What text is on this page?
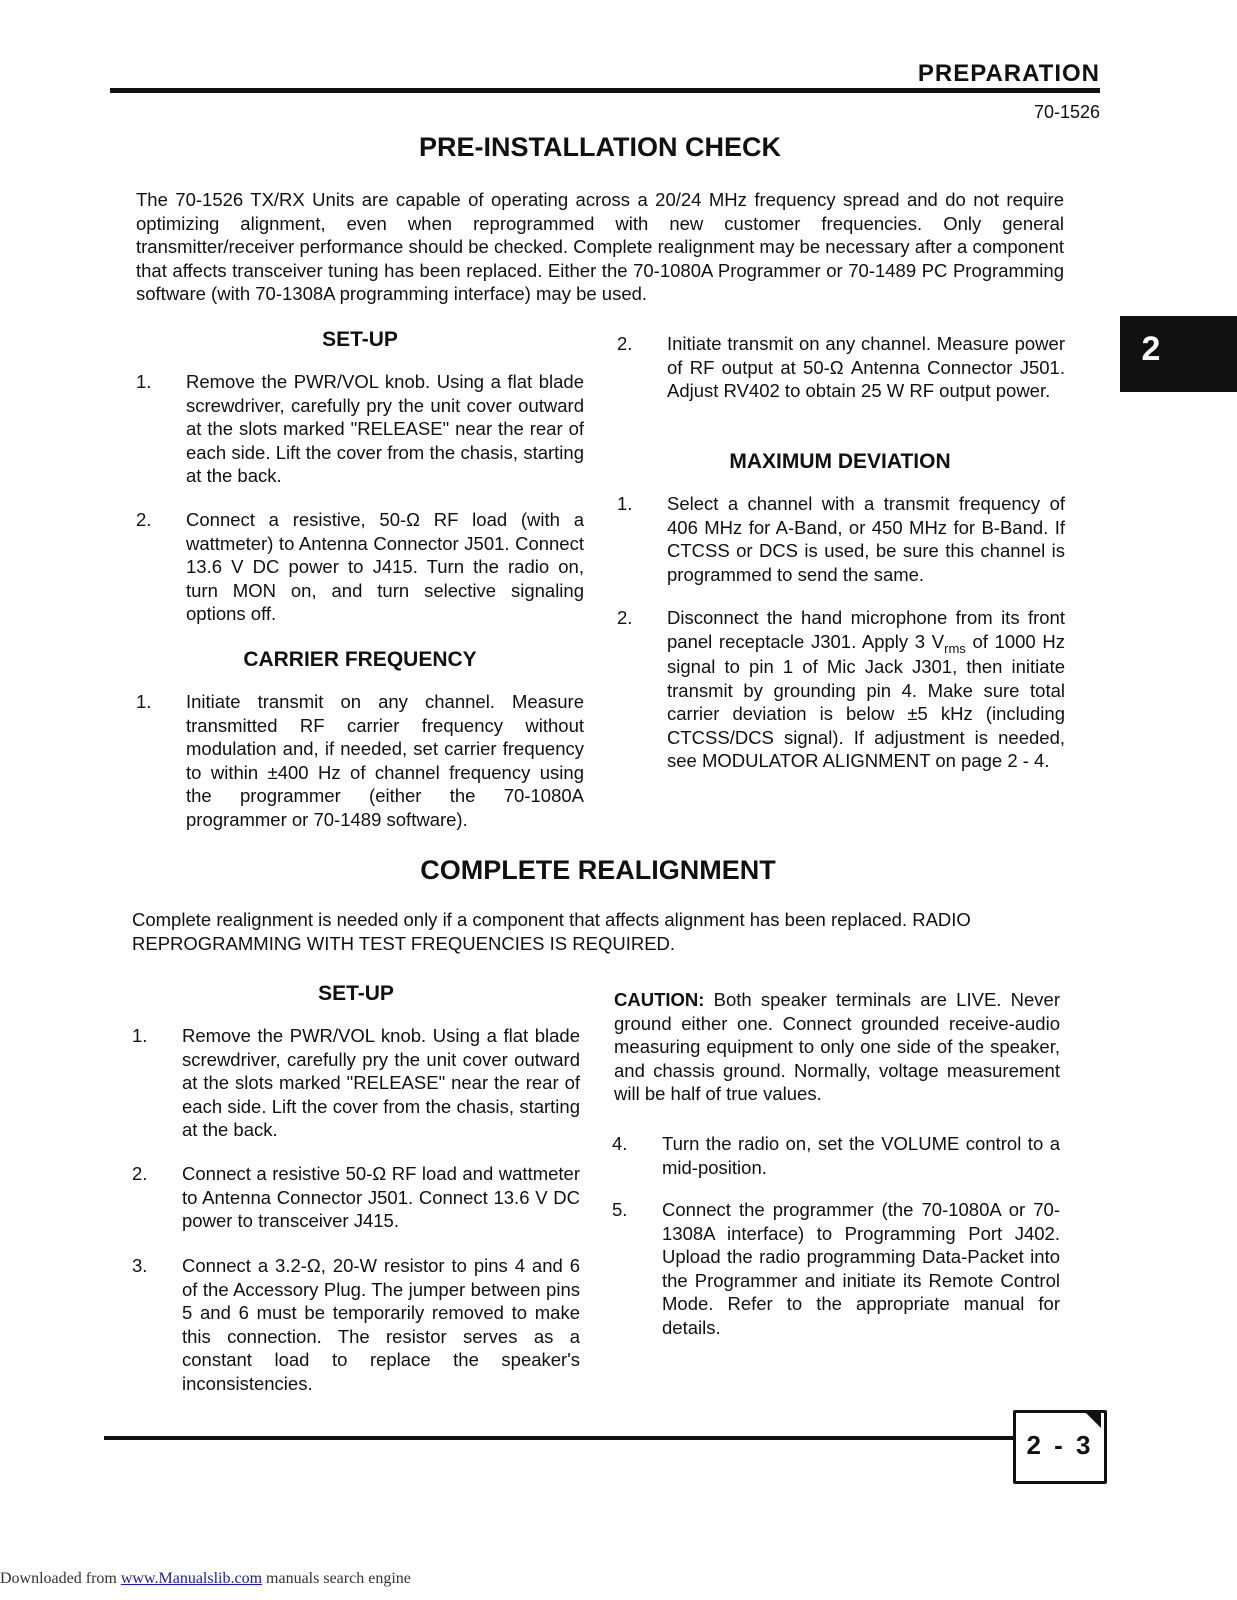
PREPARATION
70-1526
2
PRE-INSTALLATION CHECK
The 70-1526 TX/RX Units are capable of operating across a 20/24 MHz frequency spread and do not require optimizing alignment, even when reprogrammed with new customer frequencies. Only general transmitter/receiver performance should be checked. Complete realignment may be necessary after a component that affects transceiver tuning has been replaced. Either the 70-1080A Programmer or 70-1489 PC Programming software (with 70-1308A programming interface) may be used.
SET-UP
1. Remove the PWR/VOL knob. Using a flat blade screwdriver, carefully pry the unit cover outward at the slots marked "RELEASE" near the rear of each side. Lift the cover from the chasis, starting at the back.
2. Connect a resistive, 50-Ω RF load (with a wattmeter) to Antenna Connector J501. Connect 13.6 V DC power to J415. Turn the radio on, turn MON on, and turn selective signaling options off.
CARRIER FREQUENCY
1. Initiate transmit on any channel. Measure transmitted RF carrier frequency without modulation and, if needed, set carrier frequency to within ±400 Hz of channel frequency using the programmer (either the 70-1080A programmer or 70-1489 software).
2. Initiate transmit on any channel. Measure power of RF output at 50-Ω Antenna Connector J501. Adjust RV402 to obtain 25 W RF output power.
MAXIMUM DEVIATION
1. Select a channel with a transmit frequency of 406 MHz for A-Band, or 450 MHz for B-Band. If CTCSS or DCS is used, be sure this channel is programmed to send the same.
2. Disconnect the hand microphone from its front panel receptacle J301. Apply 3 $V_{rms}$ of 1000 Hz signal to pin 1 of Mic Jack J301, then initiate transmit by grounding pin 4. Make sure total carrier deviation is below ±5 kHz (including CTCSS/DCS signal). If adjustment is needed, see MODULATOR ALIGNMENT on page 2 - 4.
COMPLETE REALIGNMENT
Complete realignment is needed only if a component that affects alignment has been replaced. RADIO REPROGRAMMING WITH TEST FREQUENCIES IS REQUIRED.
SET-UP
1. Remove the PWR/VOL knob. Using a flat blade screwdriver, carefully pry the unit cover outward at the slots marked "RELEASE" near the rear of each side. Lift the cover from the chasis, starting at the back.
2. Connect a resistive 50-Ω RF load and wattmeter to Antenna Connector J501. Connect 13.6 V DC power to transceiver J415.
3. Connect a 3.2-Ω, 20-W resistor to pins 4 and 6 of the Accessory Plug. The jumper between pins 5 and 6 must be temporarily removed to make this connection. The resistor serves as a constant load to replace the speaker's inconsistencies.
CAUTION: Both speaker terminals are LIVE. Never ground either one. Connect grounded receive-audio measuring equipment to only one side of the speaker, and chassis ground. Normally, voltage measurement will be half of true values.
4. Turn the radio on, set the VOLUME control to a mid-position.
5. Connect the programmer (the 70-1080A or 70-1308A interface) to Programming Port J402. Upload the radio programming Data-Packet into the Programmer and initiate its Remote Control Mode. Refer to the appropriate manual for details.
2 - 3
Downloaded from www.Manualslib.com manuals search engine
